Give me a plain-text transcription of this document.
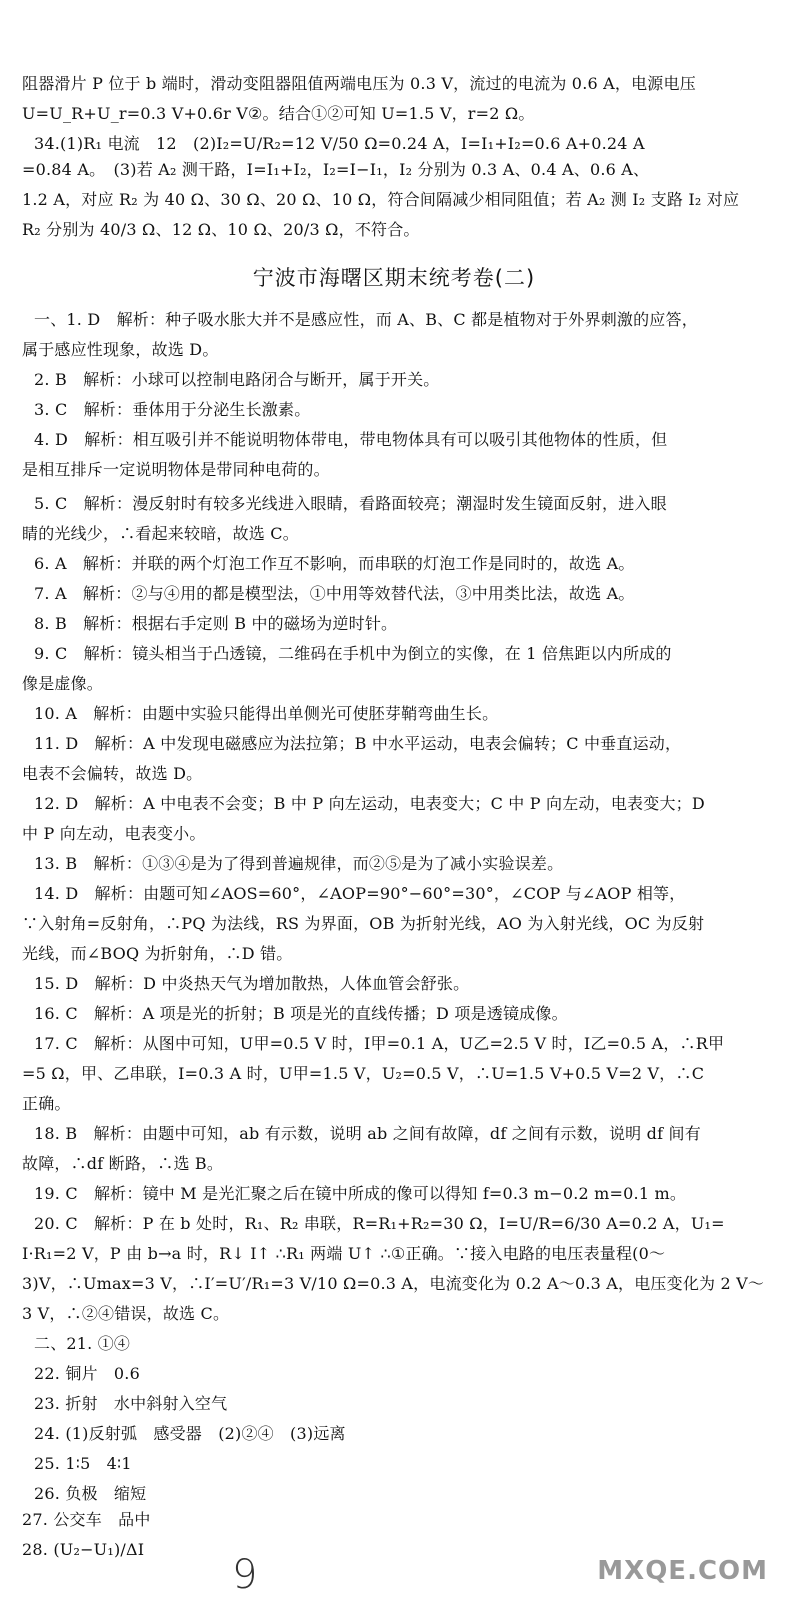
阻器滑片 P 位于 b 端时，滑动变阻器阻值两端电压为 0.3 V，流过的电流为 0.6 A，电源电压
U=U_R+U_r=0.3 V+0.6r V②。结合①②可知 U=1.5 V，r=2 Ω。
34.(1)R₁ 电流　12　(2)I₂=U/R₂=12 V/50 Ω=0.24 A，I=I₁+I₂=0.6 A+0.24 A
=0.84 A。　(3)若 A₂ 测干路，I=I₁+I₂，I₂=I−I₁，I₂ 分别为 0.3 A、0.4 A、0.6 A、
1.2 A，对应 R₂ 为 40 Ω、30 Ω、20 Ω、10 Ω，符合间隔减少相同阻值；若 A₂ 测 I₂ 支路 I₂ 对应
R₂ 分别为 40/3 Ω、12 Ω、10 Ω、20/3 Ω，不符合。
宁波市海曙区期末统考卷(二)
一、1. D　解析：种子吸水胀大并不是感应性，而 A、B、C 都是植物对于外界刺激的应答，
属于感应性现象，故选 D。
2. B　解析：小球可以控制电路闭合与断开，属于开关。
3. C　解析：垂体用于分泌生长激素。
4. D　解析：相互吸引并不能说明物体带电，带电物体具有可以吸引其他物体的性质，但
是相互排斥一定说明物体是带同种电荷的。
5. C　解析：漫反射时有较多光线进入眼睛，看路面较亮；潮湿时发生镜面反射，进入眼
睛的光线少，∴看起来较暗，故选 C。
6. A　解析：并联的两个灯泡工作互不影响，而串联的灯泡工作是同时的，故选 A。
7. A　解析：②与④用的都是模型法，①中用等效替代法，③中用类比法，故选 A。
8. B　解析：根据右手定则 B 中的磁场为逆时针。
9. C　解析：镜头相当于凸透镜，二维码在手机中为倒立的实像，在 1 倍焦距以内所成的
像是虚像。
10. A　解析：由题中实验只能得出单侧光可使胚芽鞘弯曲生长。
11. D　解析：A 中发现电磁感应为法拉第；B 中水平运动，电表会偏转；C 中垂直运动，
电表不会偏转，故选 D。
12. D　解析：A 中电表不会变；B 中 P 向左运动，电表变大；C 中 P 向左动，电表变大；D
中 P 向左动，电表变小。
13. B　解析：①③④是为了得到普遍规律，而②⑤是为了减小实验误差。
14. D　解析：由题可知∠AOS=60°，∠AOP=90°−60°=30°，∠COP 与∠AOP 相等，
∵入射角=反射角，∴PQ 为法线，RS 为界面，OB 为折射光线，AO 为入射光线，OC 为反射
光线，而∠BOQ 为折射角，∴D 错。
15. D　解析：D 中炎热天气为增加散热，人体血管会舒张。
16. C　解析：A 项是光的折射；B 项是光的直线传播；D 项是透镜成像。
17. C　解析：从图中可知，U甲=0.5 V 时，I甲=0.1 A，U乙=2.5 V 时，I乙=0.5 A，∴R甲
=5 Ω，甲、乙串联，I=0.3 A 时，U甲=1.5 V，U₂=0.5 V，∴U=1.5 V+0.5 V=2 V，∴C
正确。
18. B　解析：由题中可知，ab 有示数，说明 ab 之间有故障，df 之间有示数，说明 df 间有
故障，∴df 断路，∴选 B。
19. C　解析：镜中 M 是光汇聚之后在镜中所成的像可以得知 f=0.3 m−0.2 m=0.1 m。
20. C　解析：P 在 b 处时，R₁、R₂ 串联，R=R₁+R₂=30 Ω，I=U/R=6/30 A=0.2 A，U₁=
I·R₁=2 V，P 由 b→a 时，R↓ I↑ ∴R₁ 两端 U↑ ∴①正确。∵接入电路的电压表量程(0～
3)V，∴Umax=3 V，∴I′=U′/R₁=3 V/10 Ω=0.3 A，电流变化为 0.2 A～0.3 A，电压变化为 2 V～
3 V，∴②④错误，故选 C。
二、21. ①④
22. 铜片　0.6
23. 折射　水中斜射入空气
24. (1)反射弧　感受器　(2)②④　(3)远离
25. 1∶5　4∶1
26. 负极　缩短
27. 公交车　品中
28. (U₂−U₁)/ΔI
9	MXQE.COM
